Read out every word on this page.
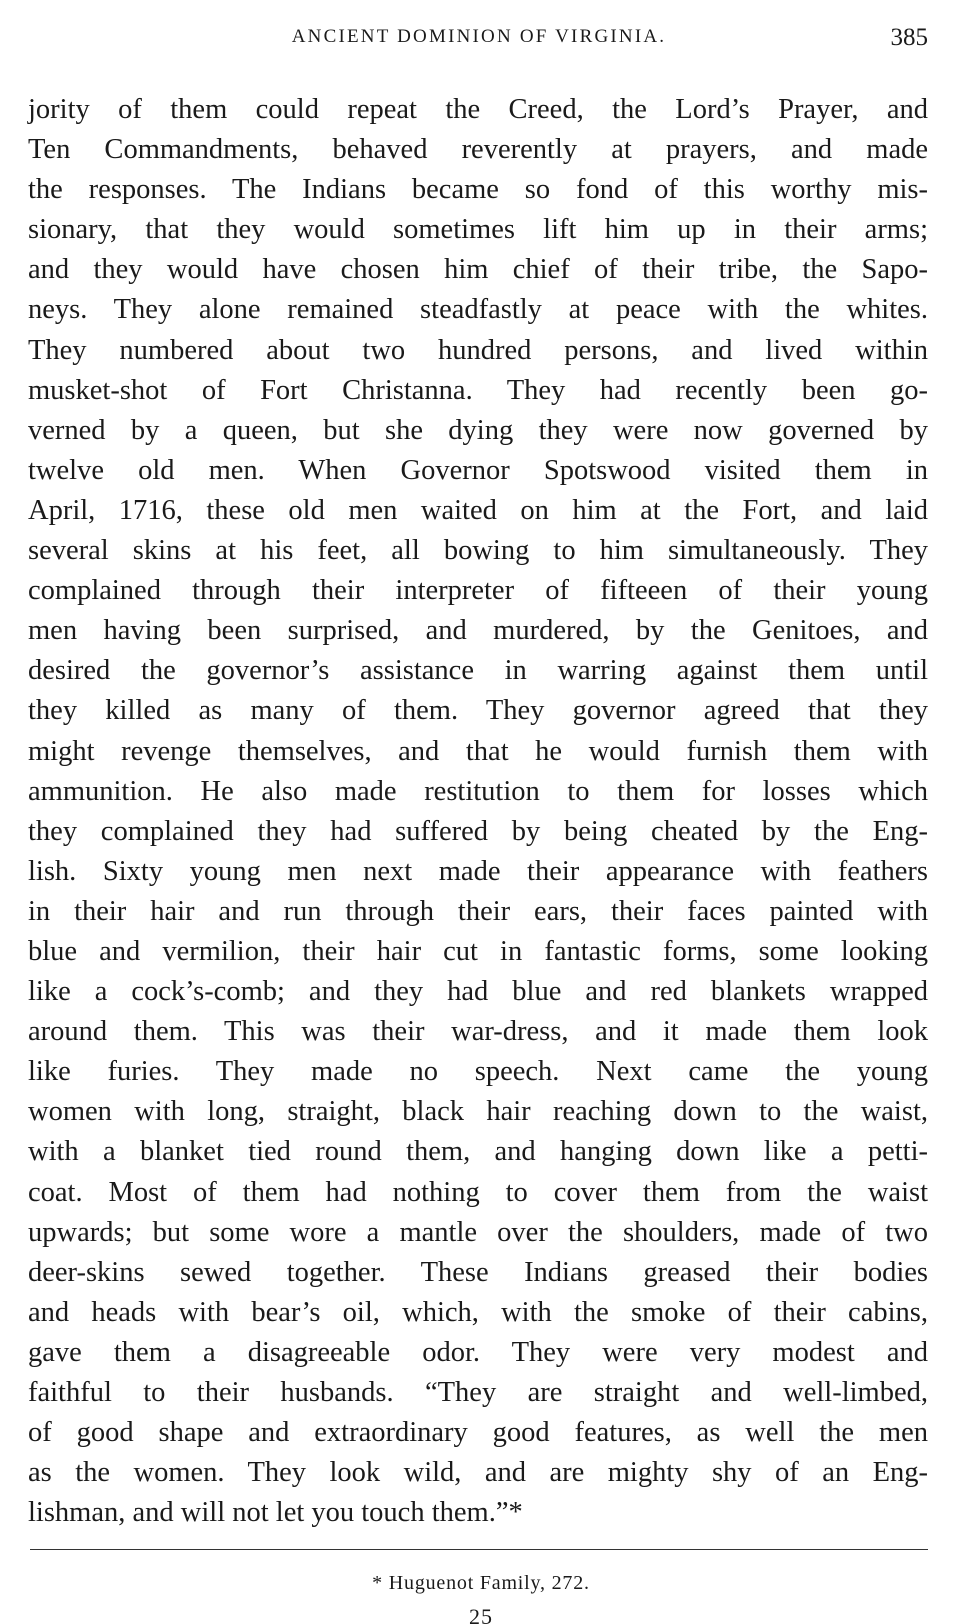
ANCIENT DOMINION OF VIRGINIA.	385
jority of them could repeat the Creed, the Lord’s Prayer, and
Ten Commandments, behaved reverently at prayers, and made
the responses. The Indians became so fond of this worthy mis-
sionary, that they would sometimes lift him up in their arms;
and they would have chosen him chief of their tribe, the Sapo-
neys. They alone remained steadfastly at peace with the whites.
They numbered about two hundred persons, and lived within
musket-shot of Fort Christanna. They had recently been go-
verned by a queen, but she dying they were now governed by
twelve old men. When Governor Spotswood visited them in
April, 1716, these old men waited on him at the Fort, and laid
several skins at his feet, all bowing to him simultaneously. They
complained through their interpreter of fifteeen of their young
men having been surprised, and murdered, by the Genitoes, and
desired the governor’s assistance in warring against them until
they killed as many of them. They governor agreed that they
might revenge themselves, and that he would furnish them with
ammunition. He also made restitution to them for losses which
they complained they had suffered by being cheated by the Eng-
lish. Sixty young men next made their appearance with feathers
in their hair and run through their ears, their faces painted with
blue and vermilion, their hair cut in fantastic forms, some looking
like a cock’s-comb; and they had blue and red blankets wrapped
around them. This was their war-dress, and it made them look
like furies. They made no speech. Next came the young
women with long, straight, black hair reaching down to the waist,
with a blanket tied round them, and hanging down like a petti-
coat. Most of them had nothing to cover them from the waist
upwards; but some wore a mantle over the shoulders, made of two
deer-skins sewed together. These Indians greased their bodies
and heads with bear’s oil, which, with the smoke of their cabins,
gave them a disagreeable odor. They were very modest and
faithful to their husbands. “They are straight and well-limbed,
of good shape and extraordinary good features, as well the men
as the women. They look wild, and are mighty shy of an Eng-
lishman, and will not let you touch them.”*
* Huguenot Family, 272.
25
